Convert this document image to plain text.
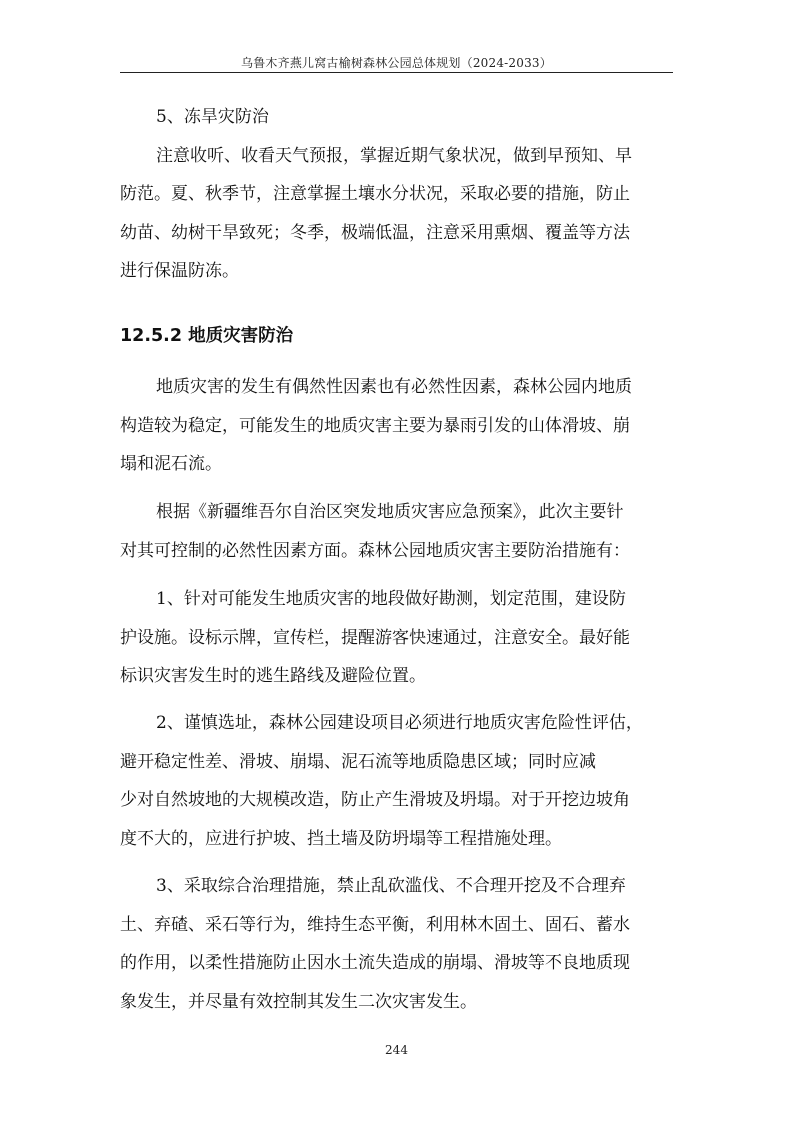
乌鲁木齐燕儿窝古榆树森林公园总体规划（2024-2033）
5、冻旱灾防治
注意收听、收看天气预报，掌握近期气象状况，做到早预知、早
防范。夏、秋季节，注意掌握土壤水分状况，采取必要的措施，防止
幼苗、幼树干旱致死；冬季，极端低温，注意采用熏烟、覆盖等方法
进行保温防冻。
12.5.2 地质灾害防治
地质灾害的发生有偶然性因素也有必然性因素，森林公园内地质
构造较为稳定，可能发生的地质灾害主要为暴雨引发的山体滑坡、崩
塌和泥石流。
根据《新疆维吾尔自治区突发地质灾害应急预案》，此次主要针
对其可控制的必然性因素方面。森林公园地质灾害主要防治措施有：
1、针对可能发生地质灾害的地段做好勘测，划定范围，建设防
护设施。设标示牌，宣传栏，提醒游客快速通过，注意安全。最好能
标识灾害发生时的逃生路线及避险位置。
2、谨慎选址，森林公园建设项目必须进行地质灾害危险性评估，
避开稳定性差、滑坡、崩塌、泥石流等地质隐患区域；同时应减
少对自然坡地的大规模改造，防止产生滑坡及坍塌。对于开挖边坡角
度不大的，应进行护坡、挡土墙及防坍塌等工程措施处理。
3、采取综合治理措施，禁止乱砍滥伐、不合理开挖及不合理弃
土、弃碴、采石等行为，维持生态平衡，利用林木固土、固石、蓄水
的作用，以柔性措施防止因水土流失造成的崩塌、滑坡等不良地质现
象发生，并尽量有效控制其发生二次灾害发生。
244
